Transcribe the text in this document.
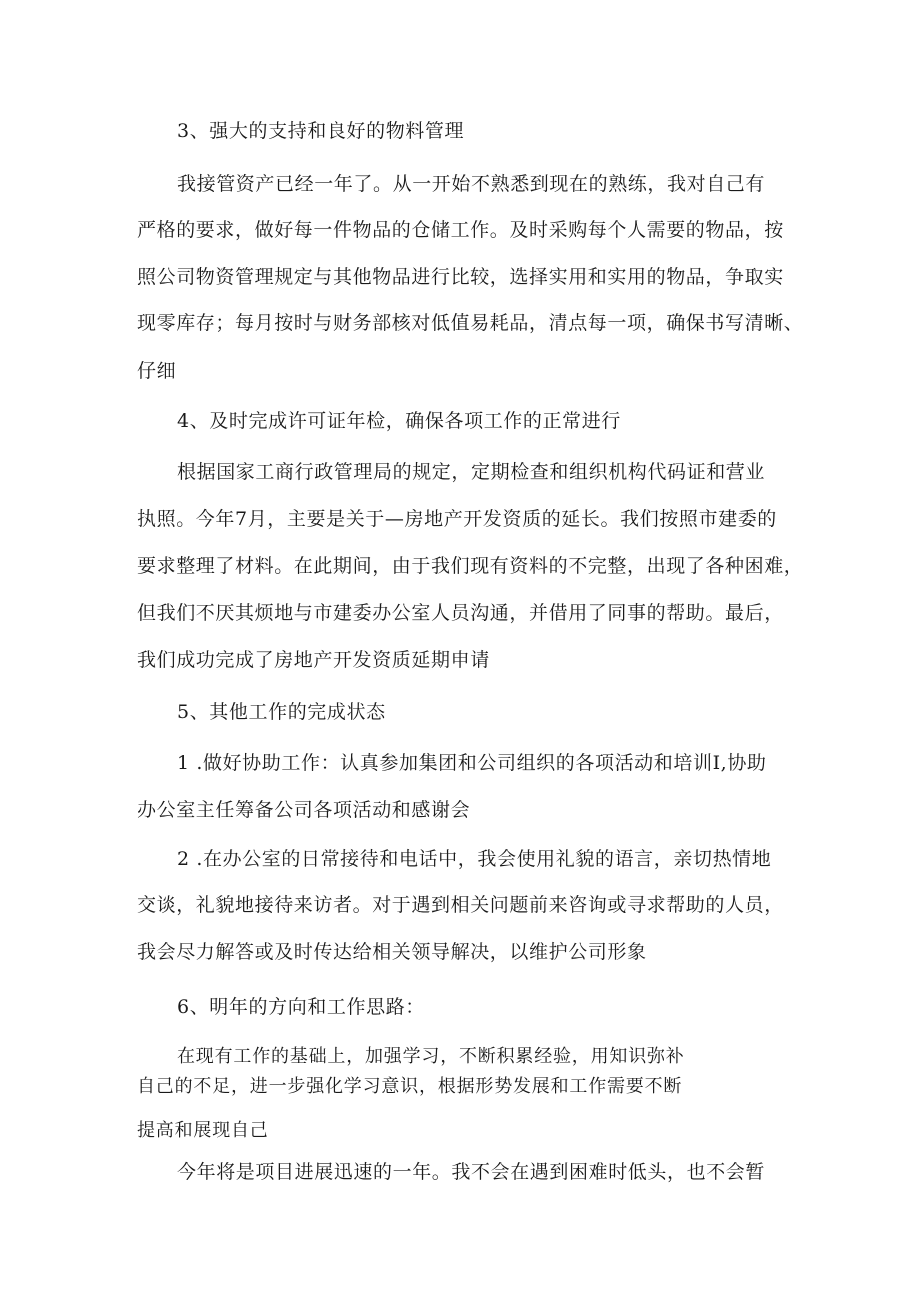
3、强大的支持和良好的物料管理

我接管资产已经一年了。从一开始不熟悉到现在的熟练，我对自己有

严格的要求，做好每一件物品的仓储工作。及时采购每个人需要的物品，按

照公司物资管理规定与其他物品进行比较，选择实用和实用的物品，争取实

现零库存；每月按时与财务部核对低值易耗品，清点每一项，确保书写清晰、

仔细

4、及时完成许可证年检，确保各项工作的正常进行

根据国家工商行政管理局的规定，定期检查和组织机构代码证和营业

执照。今年7月，主要是关于—房地产开发资质的延长。我们按照市建委的

要求整理了材料。在此期间，由于我们现有资料的不完整，出现了各种困难，

但我们不厌其烦地与市建委办公室人员沟通，并借用了同事的帮助。最后，

我们成功完成了房地产开发资质延期申请

5、其他工作的完成状态

1 .做好协助工作：认真参加集团和公司组织的各项活动和培训I,协助

办公室主任筹备公司各项活动和感谢会

2 .在办公室的日常接待和电话中，我会使用礼貌的语言，亲切热情地

交谈，礼貌地接待来访者。对于遇到相关问题前来咨询或寻求帮助的人员，

我会尽力解答或及时传达给相关领导解决，以维护公司形象

6、明年的方向和工作思路：

在现有工作的基础上，加强学习，不断积累经验，用知识弥补

自己的不足，进一步强化学习意识，根据形势发展和工作需要不断

提高和展现自己

今年将是项目进展迅速的一年。我不会在遇到困难时低头，也不会暂
